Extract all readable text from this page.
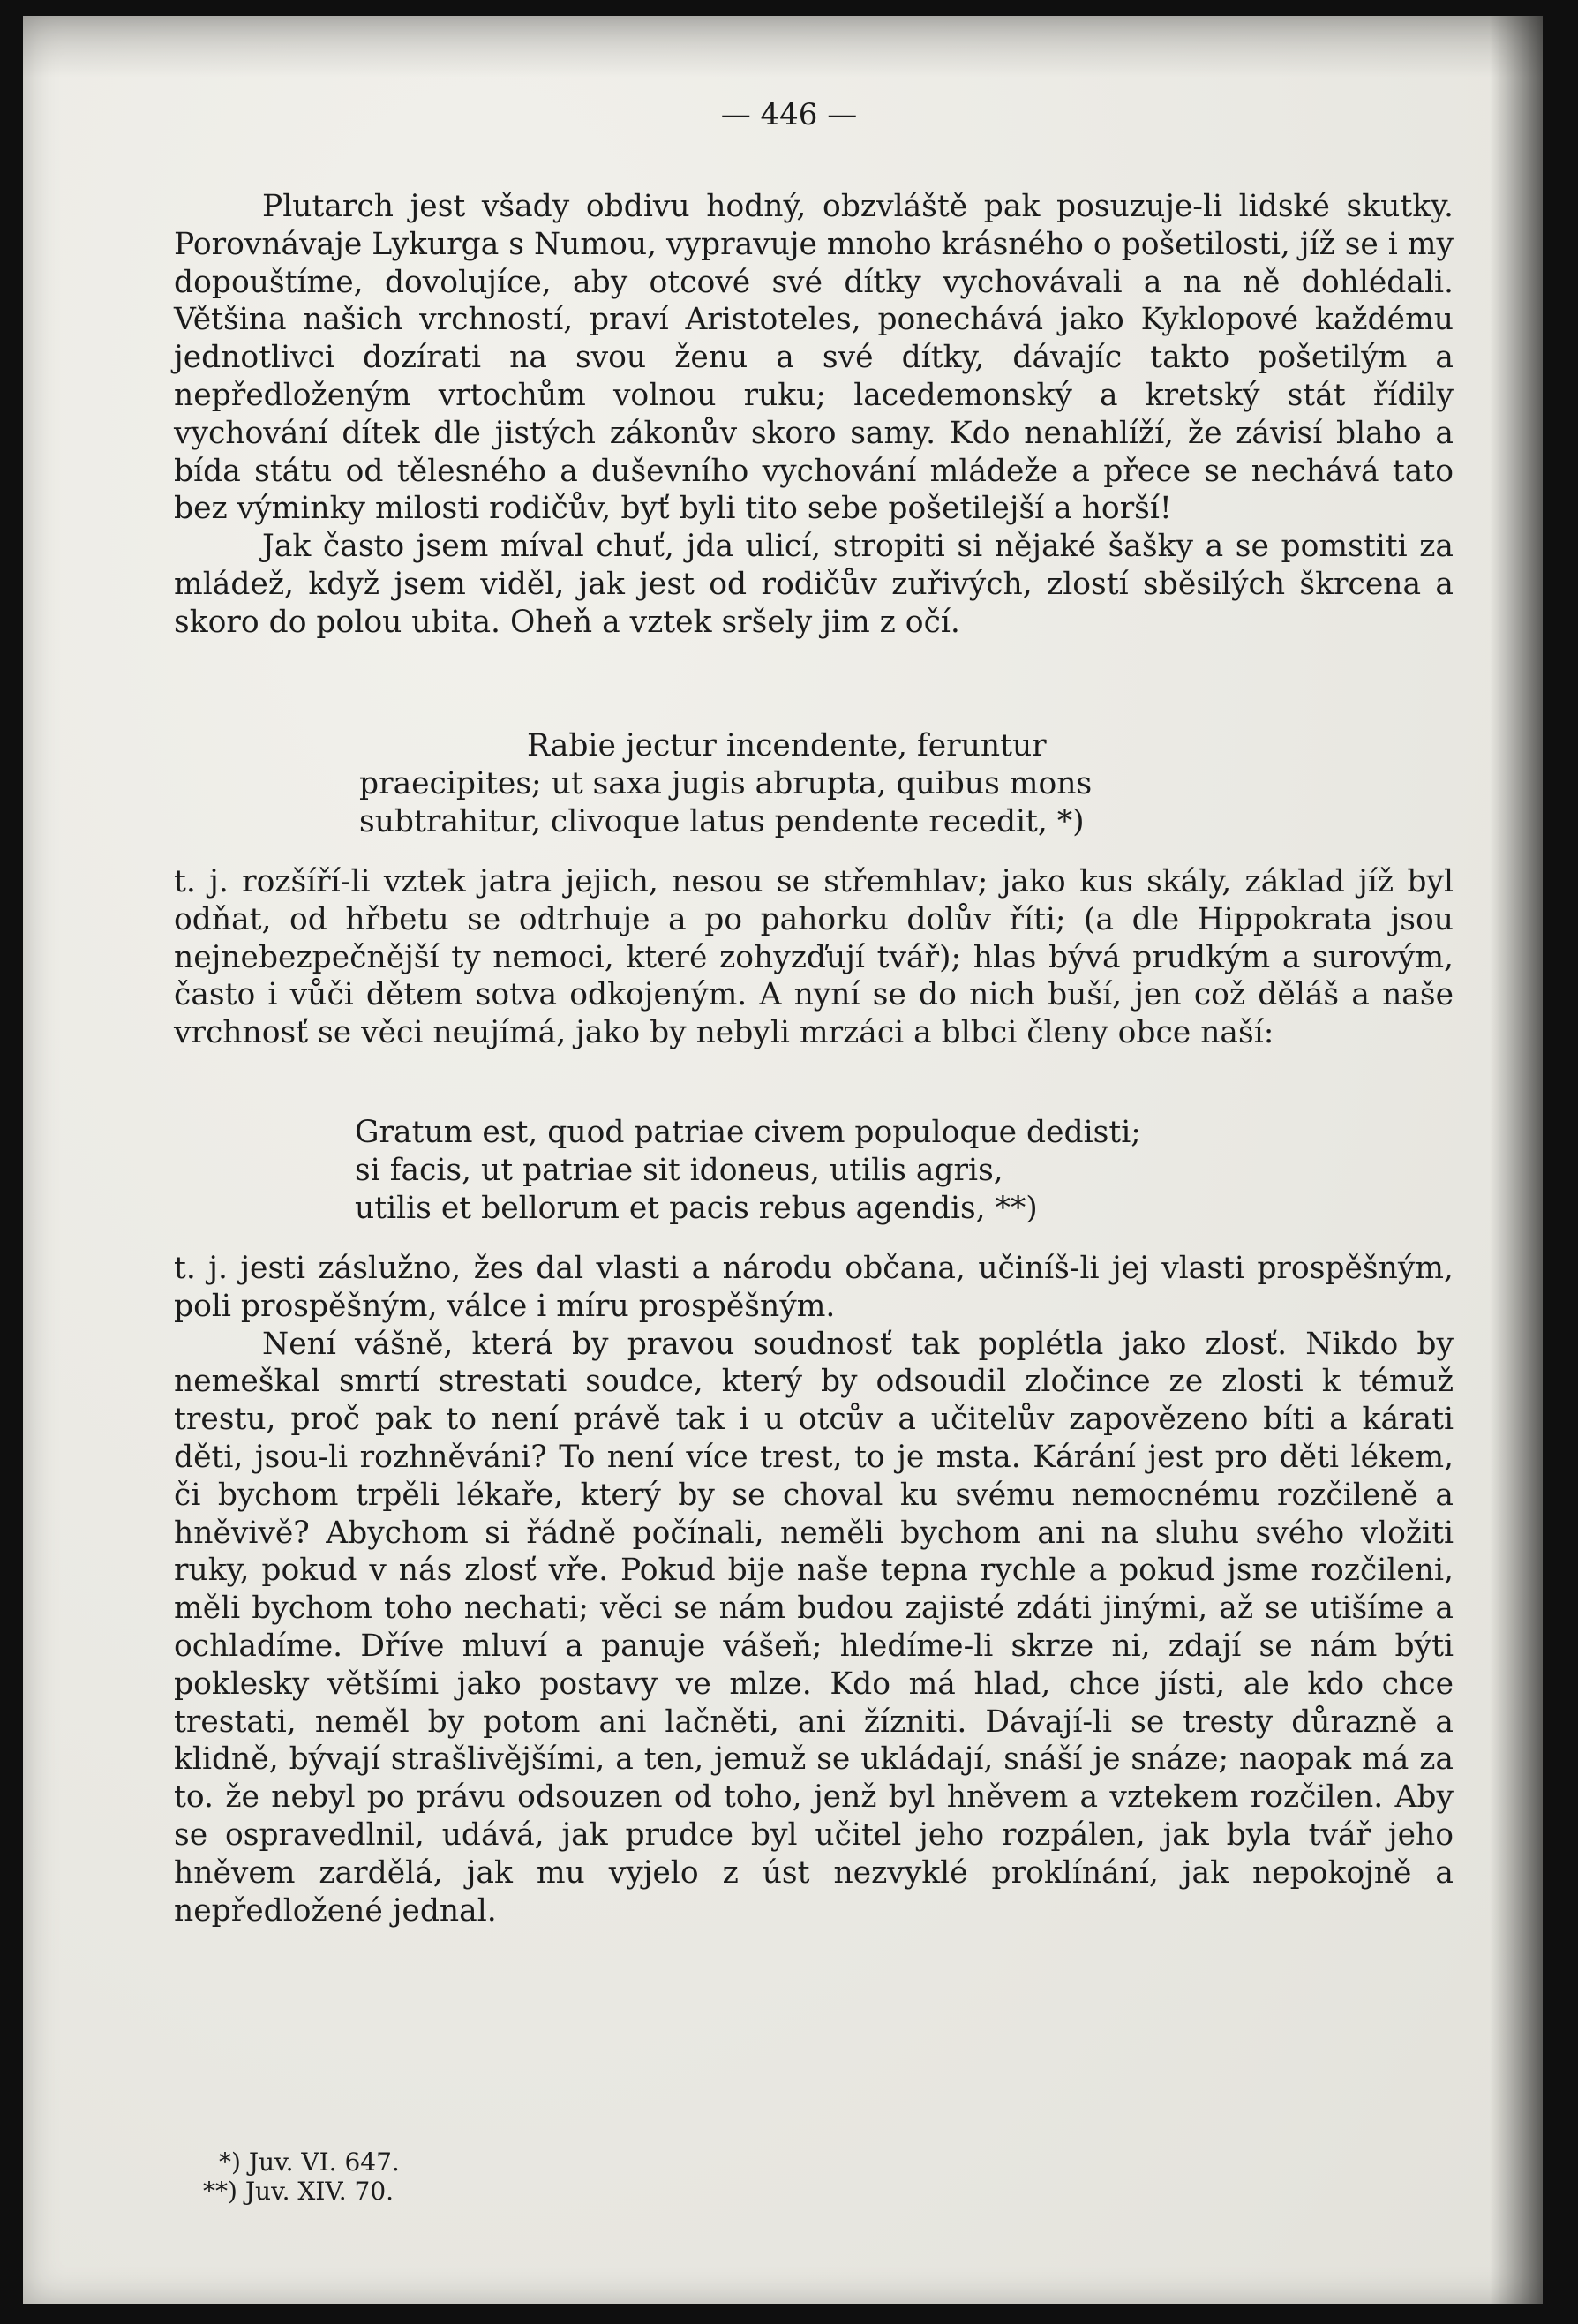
— 446 —

Plutarch jest všady obdivu hodný, obzvláště pak posuzuje-li lidské skutky. Porovnávaje Lykurga s Numou, vypravuje mnoho krásného o pošetilosti, jíž se i my dopouštíme, dovolujíce, aby otcové své dítky vychovávali a na ně dohlédali. Většina našich vrchností, praví Aristoteles, ponechává jako Kyklopové každému jednotlivci dozírati na svou ženu a své dítky, dávajíc takto pošetilým a nepředloženým vrtochům volnou ruku; lacedemonský a kretský stát řídily vychování dítek dle jistých zákonův skoro samy. Kdo nenahlíží, že závisí blaho a bída státu od tělesného a duševního vychování mládeže a přece se nechává tato bez výminky milosti rodičův, byť byli tito sebe pošetilejší a horší!

Jak často jsem míval chuť, jda ulicí, stropiti si nějaké šašky a se pomstiti za mládež, když jsem viděl, jak jest od rodičův zuřivých, zlostí sběsilých škrcena a skoro do polou ubita. Oheň a vztek sršely jim z očí.

Rabie jectur incendente, feruntur
praecipites; ut saxa jugis abrupta, quibus mons
subtrahitur, clivoque latus pendente recedit, *)

t. j. rozšíří-li vztek jatra jejich, nesou se střemhlav; jako kus skály, základ jíž byl odňat, od hřbetu se odtrhuje a po pahorku dolův říti; (a dle Hippokrata jsou nejnebezpečnější ty nemoci, které zohyzďují tvář); hlas bývá prudkým a surovým, často i vůči dětem sotva odkojeným. A nyní se do nich buší, jen což děláš a naše vrchnosť se věci neujímá, jako by nebyli mrzáci a blbci členy obce naší:

Gratum est, quod patriae civem populoque dedisti;
si facis, ut patriae sit idoneus, utilis agris,
utilis et bellorum et pacis rebus agendis, **)

t. j. jesti záslužno, žes dal vlasti a národu občana, učiníš-li jej vlasti prospěšným, poli prospěšným, válce i míru prospěšným.

Není vášně, která by pravou soudnosť tak poplétla jako zlosť. Nikdo by nemeškal smrtí strestati soudce, který by odsoudil zločince ze zlosti k témuž trestu, proč pak to není právě tak i u otcův a učitelův zapovězeno bíti a kárati děti, jsou-li rozhněváni? To není více trest, to je msta. Kárání jest pro děti lékem, či bychom trpěli lékaře, který by se choval ku svému nemocnému rozčileně a hněvivě? Abychom si řádně počínali, neměli bychom ani na sluhu svého vložiti ruky, pokud v nás zlosť vře. Pokud bije naše tepna rychle a pokud jsme rozčileni, měli bychom toho nechati; věci se nám budou zajisté zdáti jinými, až se utišíme a ochladíme. Dříve mluví a panuje vášeň; hledíme-li skrze ni, zdají se nám býti poklesky většími jako postavy ve mlze. Kdo má hlad, chce jísti, ale kdo chce trestati, neměl by potom ani lačněti, ani žízniti. Dávají-li se tresty důrazně a klidně, bývají strašlivějšími, a ten, jemuž se ukládají, snáší je snáze; naopak má za to. že nebyl po právu odsouzen od toho, jenž byl hněvem a vztekem rozčilen. Aby se ospravedlnil, udává, jak prudce byl učitel jeho rozpálen, jak byla tvář jeho hněvem zardělá, jak mu vyjelo z úst nezvyklé proklínání, jak nepokojně a nepředložené jednal.

*) Juv. VI. 647.
**) Juv. XIV. 70.
